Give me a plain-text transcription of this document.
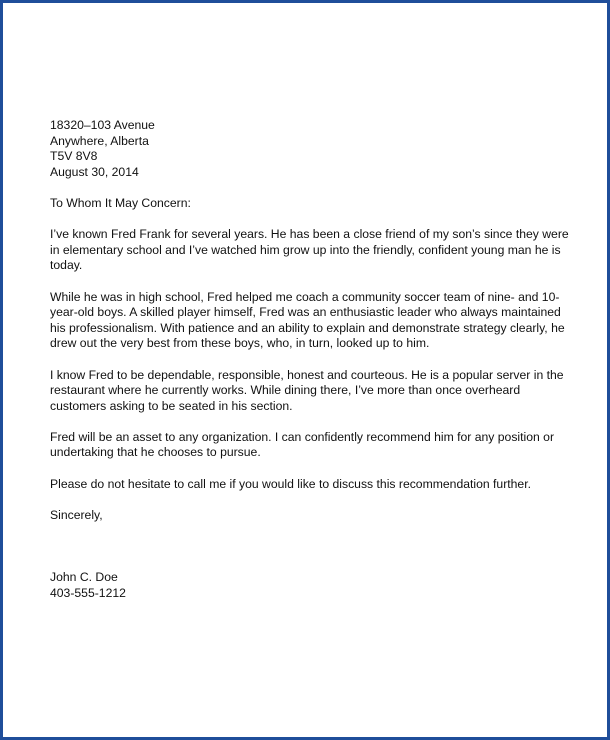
18320–103 Avenue
Anywhere, Alberta
T5V 8V8
August 30, 2014

To Whom It May Concern:

I’ve known Fred Frank for several years. He has been a close friend of my son’s since they were in elementary school and I’ve watched him grow up into the friendly, confident young man he is today.

While he was in high school, Fred helped me coach a community soccer team of nine- and 10-year-old boys. A skilled player himself, Fred was an enthusiastic leader who always maintained his professionalism. With patience and an ability to explain and demonstrate strategy clearly, he drew out the very best from these boys, who, in turn, looked up to him.

I know Fred to be dependable, responsible, honest and courteous. He is a popular server in the restaurant where he currently works. While dining there, I’ve more than once overheard customers asking to be seated in his section.

Fred will be an asset to any organization. I can confidently recommend him for any position or undertaking that he chooses to pursue.

Please do not hesitate to call me if you would like to discuss this recommendation further.

Sincerely,

John C. Doe
403-555-1212
